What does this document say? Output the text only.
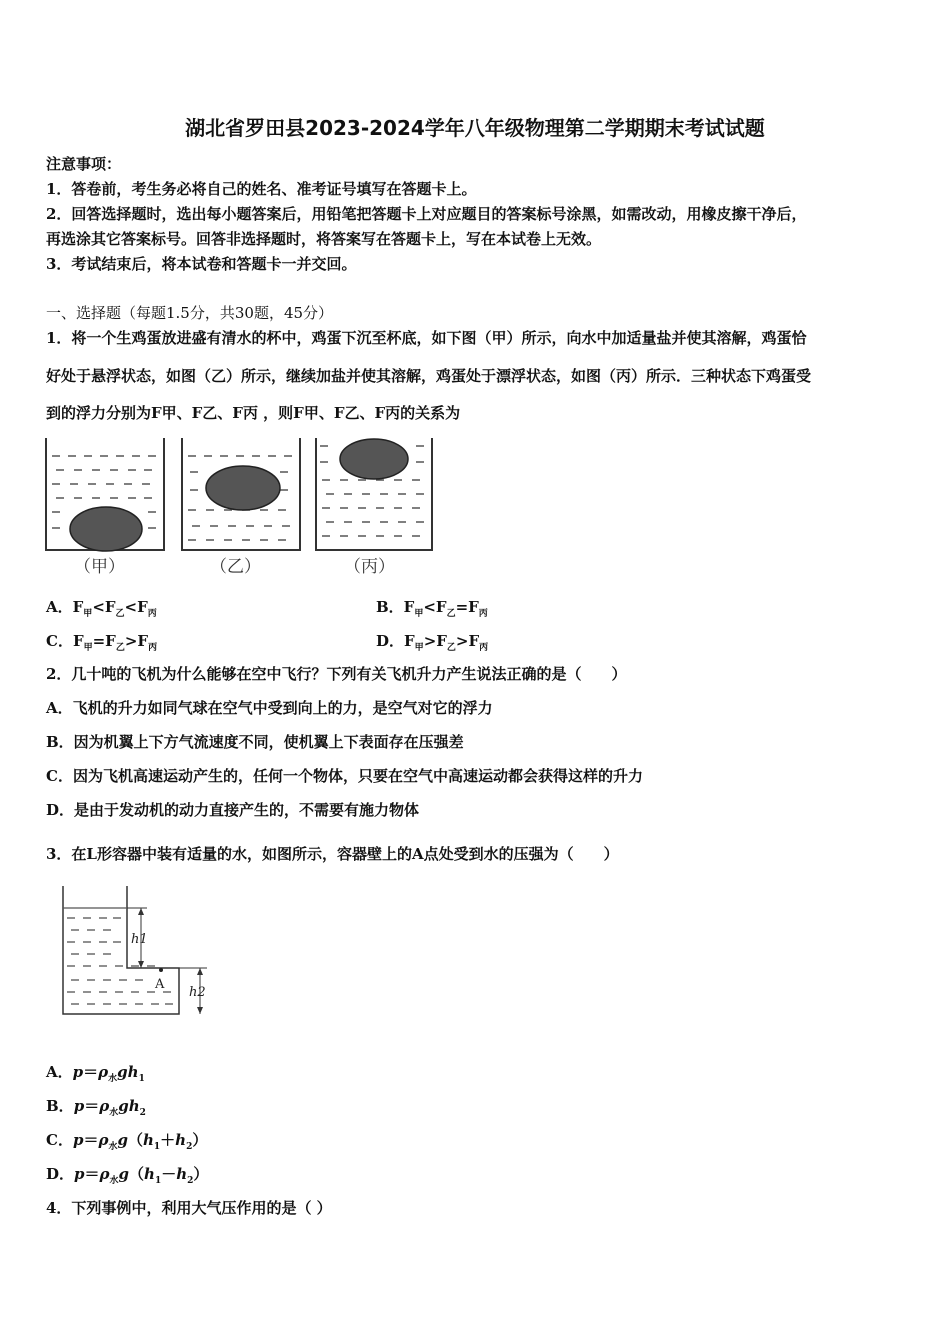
湖北省罗田县2023-2024学年八年级物理第二学期期末考试试题
注意事项：
1．答卷前，考生务必将自己的姓名、准考证号填写在答题卡上。
2．回答选择题时，选出每小题答案后，用铅笔把答题卡上对应题目的答案标号涂黑，如需改动，用橡皮擦干净后，
再选涂其它答案标号。回答非选择题时，将答案写在答题卡上，写在本试卷上无效。
3．考试结束后，将本试卷和答题卡一并交回。
一、选择题（每题1.5分，共30题，45分）
1．将一个生鸡蛋放进盛有清水的杯中，鸡蛋下沉至杯底，如下图（甲）所示，向水中加适量盐并使其溶解，鸡蛋恰
好处于悬浮状态，如图（乙）所示，继续加盐并使其溶解，鸡蛋处于漂浮状态，如图（丙）所示．三种状态下鸡蛋受
到的浮力分别为F甲、F乙、F丙 ，则F甲、F乙、F丙的关系为
（甲）	（乙）	（丙）
A．$F_甲<F_乙<F_丙$	B．$F_甲<F_乙=F_丙$
C．$F_甲=F_乙>F_丙$	D．$F_甲>F_乙>F_丙$
2．几十吨的飞机为什么能够在空中飞行？下列有关飞机升力产生说法正确的是（　　）
A．飞机的升力如同气球在空气中受到向上的力，是空气对它的浮力
B．因为机翼上下方气流速度不同，使机翼上下表面存在压强差
C．因为飞机高速运动产生的，任何一个物体，只要在空气中高速运动都会获得这样的升力
D．是由于发动机的动力直接产生的，不需要有施力物体
3．在L形容器中装有适量的水，如图所示，容器壁上的A点处受到水的压强为（　　）
h1
h2
A
A．$p=\rho_水gh_1$
B．$p=\rho_水gh_2$
C．$p=\rho_水g(h_1+h_2)$
D．$p=\rho_水g(h_1-h_2)$
4．下列事例中，利用大气压作用的是（ ）
